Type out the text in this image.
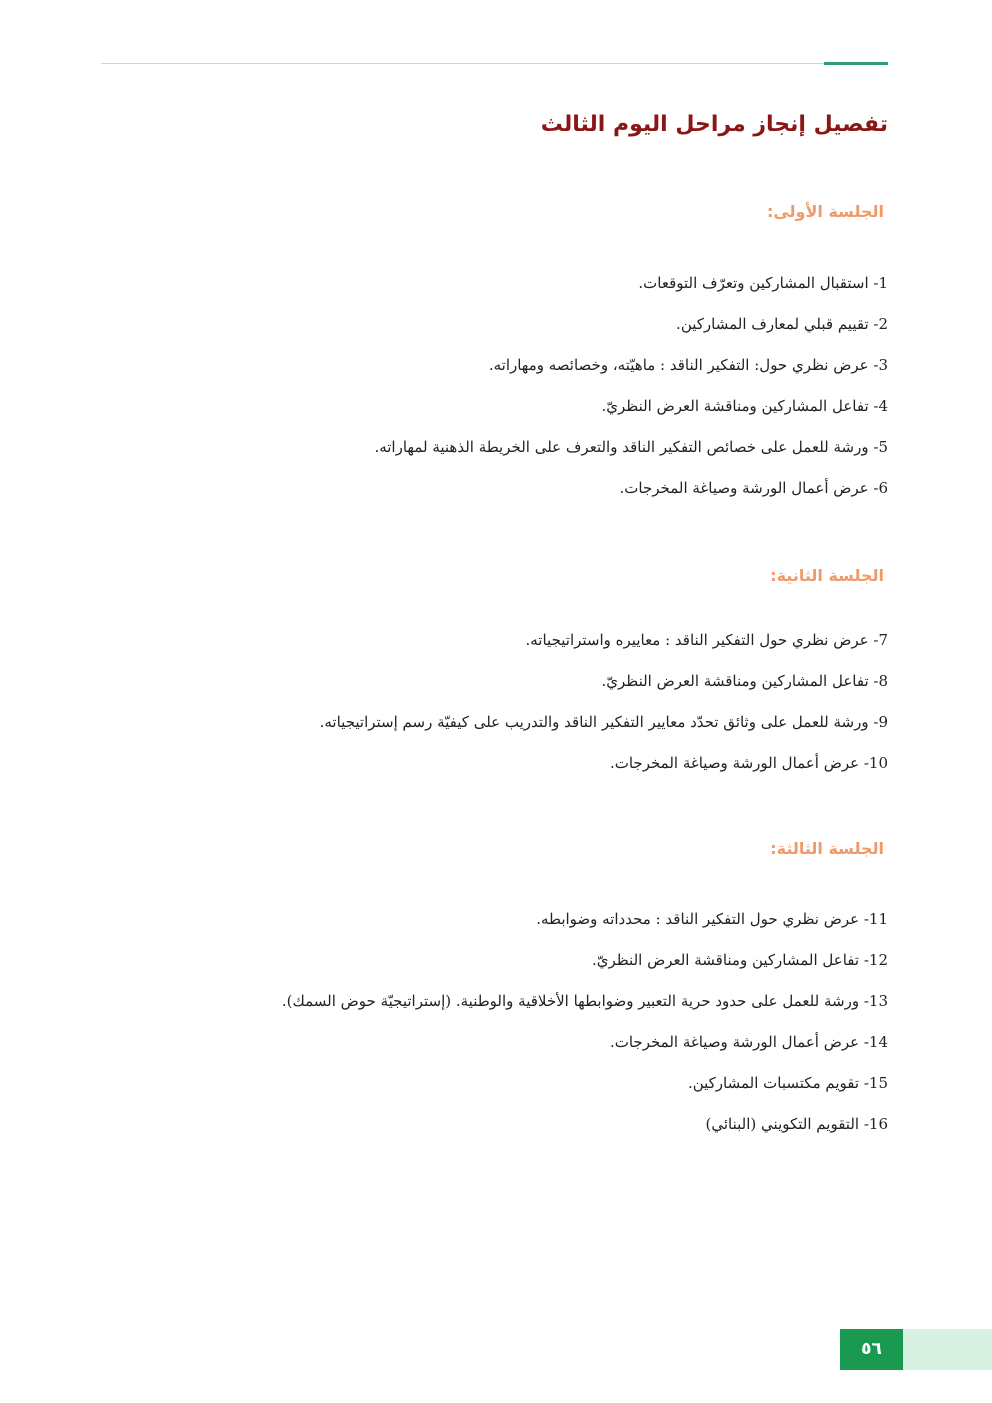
تفصيل إنجاز مراحل اليوم الثالث
الجلسة الأولى:
1- استقبال المشاركين وتعرّف التوقعات.
2- تقييم قبلي لمعارف المشاركين.
3- عرض نظري حول: التفكير الناقد : ماهيّته، وخصائصه ومهاراته.
4- تفاعل المشاركين ومناقشة العرض النظريّ.
5- ورشة للعمل على خصائص التفكير الناقد والتعرف على الخريطة الذهنية لمهاراته.
6- عرض أعمال الورشة وصياغة المخرجات.
الجلسة الثانية:
7- عرض نظري حول التفكير الناقد : معاييره واستراتيجياته.
8- تفاعل المشاركين ومناقشة العرض النظريّ.
9- ورشة للعمل على وثائق تحدّد معايير التفكير الناقد والتدريب على كيفيّة رسم إستراتيجياته.
10- عرض أعمال الورشة وصياغة المخرجات.
الجلسة الثالثة:
11- عرض نظري حول التفكير الناقد : محدداته وضوابطه.
12- تفاعل المشاركين ومناقشة العرض النظريّ.
13- ورشة للعمل على حدود حرية التعبير وضوابطها الأخلاقية والوطنية. (إستراتيجيّة حوض السمك).
14- عرض أعمال الورشة وصياغة المخرجات.
15- تقويم مكتسبات المشاركين.
16- التقويم التكويني (البنائي)
٥٦
